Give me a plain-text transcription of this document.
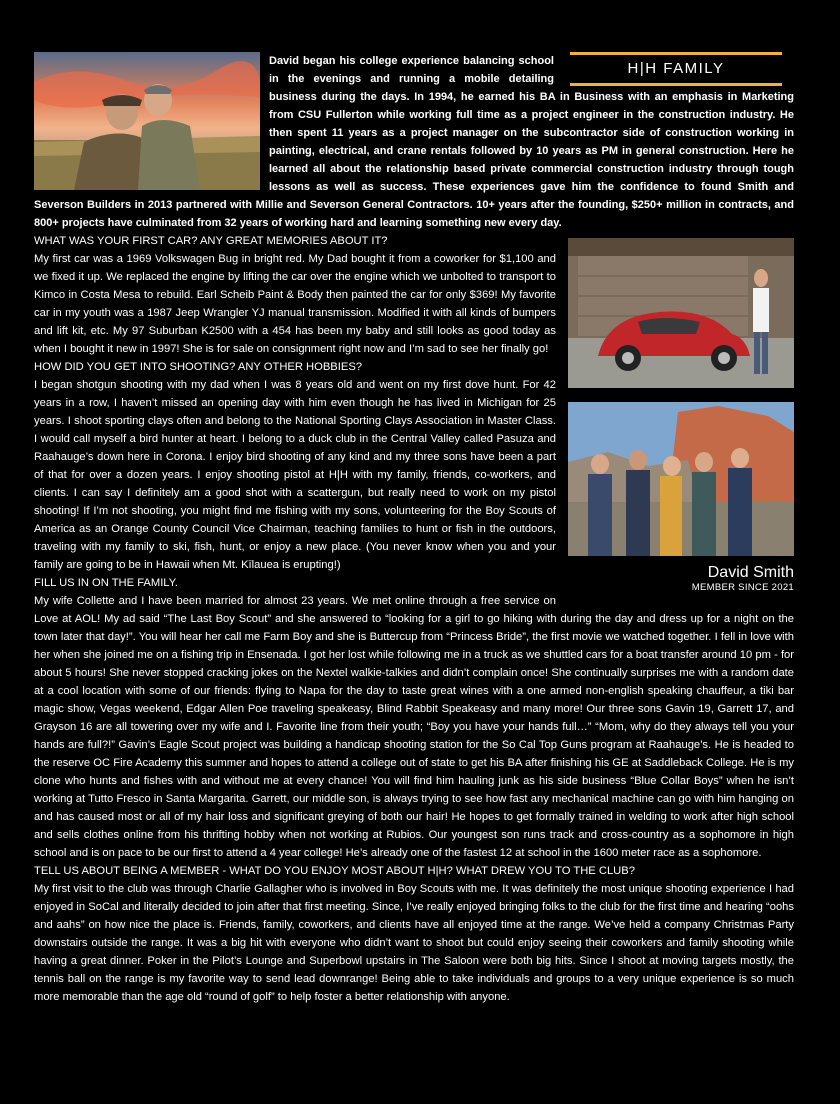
H|H FAMILY

David began his college experience balancing school in the evenings and running a mobile detailing business during the days. In 1994, he earned his BA in Business with an emphasis in Marketing from CSU Fullerton while working full time as a project engineer in the construction industry. He then spent 11 years as a project manager on the subcontractor side of construction working in painting, electrical, and crane rentals followed by 10 years as PM in general construction. Here he learned all about the relationship based private commercial construction industry through tough lessons as well as success. These experiences gave him the confidence to found Smith and Severson Builders in 2013 partnered with Millie and Severson General Contractors. 10+ years after the founding, $250+ million in contracts, and 800+ projects have culminated from 32 years of working hard and learning something new every day.

WHAT WAS YOUR FIRST CAR? ANY GREAT MEMORIES ABOUT IT?

My first car was a 1969 Volkswagen Bug in bright red. My Dad bought it from a coworker for $1,100 and we fixed it up. We replaced the engine by lifting the car over the engine which we unbolted to transport to Kimco in Costa Mesa to rebuild. Earl Scheib Paint & Body then painted the car for only $369! My favorite car in my youth was a 1987 Jeep Wrangler YJ manual transmission. Modified it with all kinds of bumpers and lift kit, etc. My 97 Suburban K2500 with a 454 has been my baby and still looks as good today as when I bought it new in 1997! She is for sale on consignment right now and I’m sad to see her finally go!

HOW DID YOU GET INTO SHOOTING? ANY OTHER HOBBIES?

David Smith
MEMBER SINCE 2021

I began shotgun shooting with my dad when I was 8 years old and went on my first dove hunt. For 42 years in a row, I haven’t missed an opening day with him even though he has lived in Michigan for 25 years. I shoot sporting clays often and belong to the National Sporting Clays Association in Master Class. I would call myself a bird hunter at heart. I belong to a duck club in the Central Valley called Pasuza and Raahauge’s down here in Corona. I enjoy bird shooting of any kind and my three sons have been a part of that for over a dozen years. I enjoy shooting pistol at H|H with my family, friends, co-workers, and clients. I can say I definitely am a good shot with a scattergun, but really need to work on my pistol shooting! If I’m not shooting, you might find me fishing with my sons, volunteering for the Boy Scouts of America as an Orange County Council Vice Chairman, teaching families to hunt or fish in the outdoors, traveling with my family to ski, fish, hunt, or enjoy a new place. (You never know when you and your family are going to be in Hawaii when Mt. Kīlauea is erupting!)

FILL US IN ON THE FAMILY.

My wife Collette and I have been married for almost 23 years. We met online through a free service on Love at AOL! My ad said “The Last Boy Scout” and she answered to “looking for a girl to go hiking with during the day and dress up for a night on the town later that day!”. You will hear her call me Farm Boy and she is Buttercup from “Princess Bride”, the first movie we watched together. I fell in love with her when she joined me on a fishing trip in Ensenada. I got her lost while following me in a truck as we shuttled cars for a boat transfer around 10 pm - for about 5 hours! She never stopped cracking jokes on the Nextel walkie-talkies and didn’t complain once! She continually surprises me with a random date at a cool location with some of our friends: flying to Napa for the day to taste great wines with a one armed non-english speaking chauffeur, a tiki bar magic show, Vegas weekend, Edgar Allen Poe traveling speakeasy, Blind Rabbit Speakeasy and many more! Our three sons Gavin 19, Garrett 17, and Grayson 16 are all towering over my wife and I. Favorite line from their youth; “Boy you have your hands full…” “Mom, why do they always tell you your hands are full?!” Gavin’s Eagle Scout project was building a handicap shooting station for the So Cal Top Guns program at Raahauge’s. He is headed to the reserve OC Fire Academy this summer and hopes to attend a college out of state to get his BA after finishing his GE at Saddleback College. He is my clone who hunts and fishes with and without me at every chance! You will find him hauling junk as his side business “Blue Collar Boys” when he isn’t working at Tutto Fresco in Santa Margarita. Garrett, our middle son, is always trying to see how fast any mechanical machine can go with him hanging on and has caused most or all of my hair loss and significant greying of both our hair! He hopes to get formally trained in welding to work after high school and sells clothes online from his thrifting hobby when not working at Rubios. Our youngest son runs track and cross-country as a sophomore in high school and is on pace to be our first to attend a 4 year college! He’s already one of the fastest 12 at school in the 1600 meter race as a sophomore.

TELL US ABOUT BEING A MEMBER - WHAT DO YOU ENJOY MOST ABOUT H|H? WHAT DREW YOU TO THE CLUB?

My first visit to the club was through Charlie Gallagher who is involved in Boy Scouts with me. It was definitely the most unique shooting experience I had enjoyed in SoCal and literally decided to join after that first meeting. Since, I’ve really enjoyed bringing folks to the club for the first time and hearing “oohs and aahs” on how nice the place is. Friends, family, coworkers, and clients have all enjoyed time at the range. We’ve held a company Christmas Party downstairs outside the range. It was a big hit with everyone who didn’t want to shoot but could enjoy seeing their coworkers and family shooting while having a great dinner. Poker in the Pilot’s Lounge and Superbowl upstairs in The Saloon were both big hits. Since I shoot at moving targets mostly, the tennis ball on the range is my favorite way to send lead downrange! Being able to take individuals and groups to a very unique experience is so much more memorable than the age old “round of golf” to help foster a better relationship with anyone.
